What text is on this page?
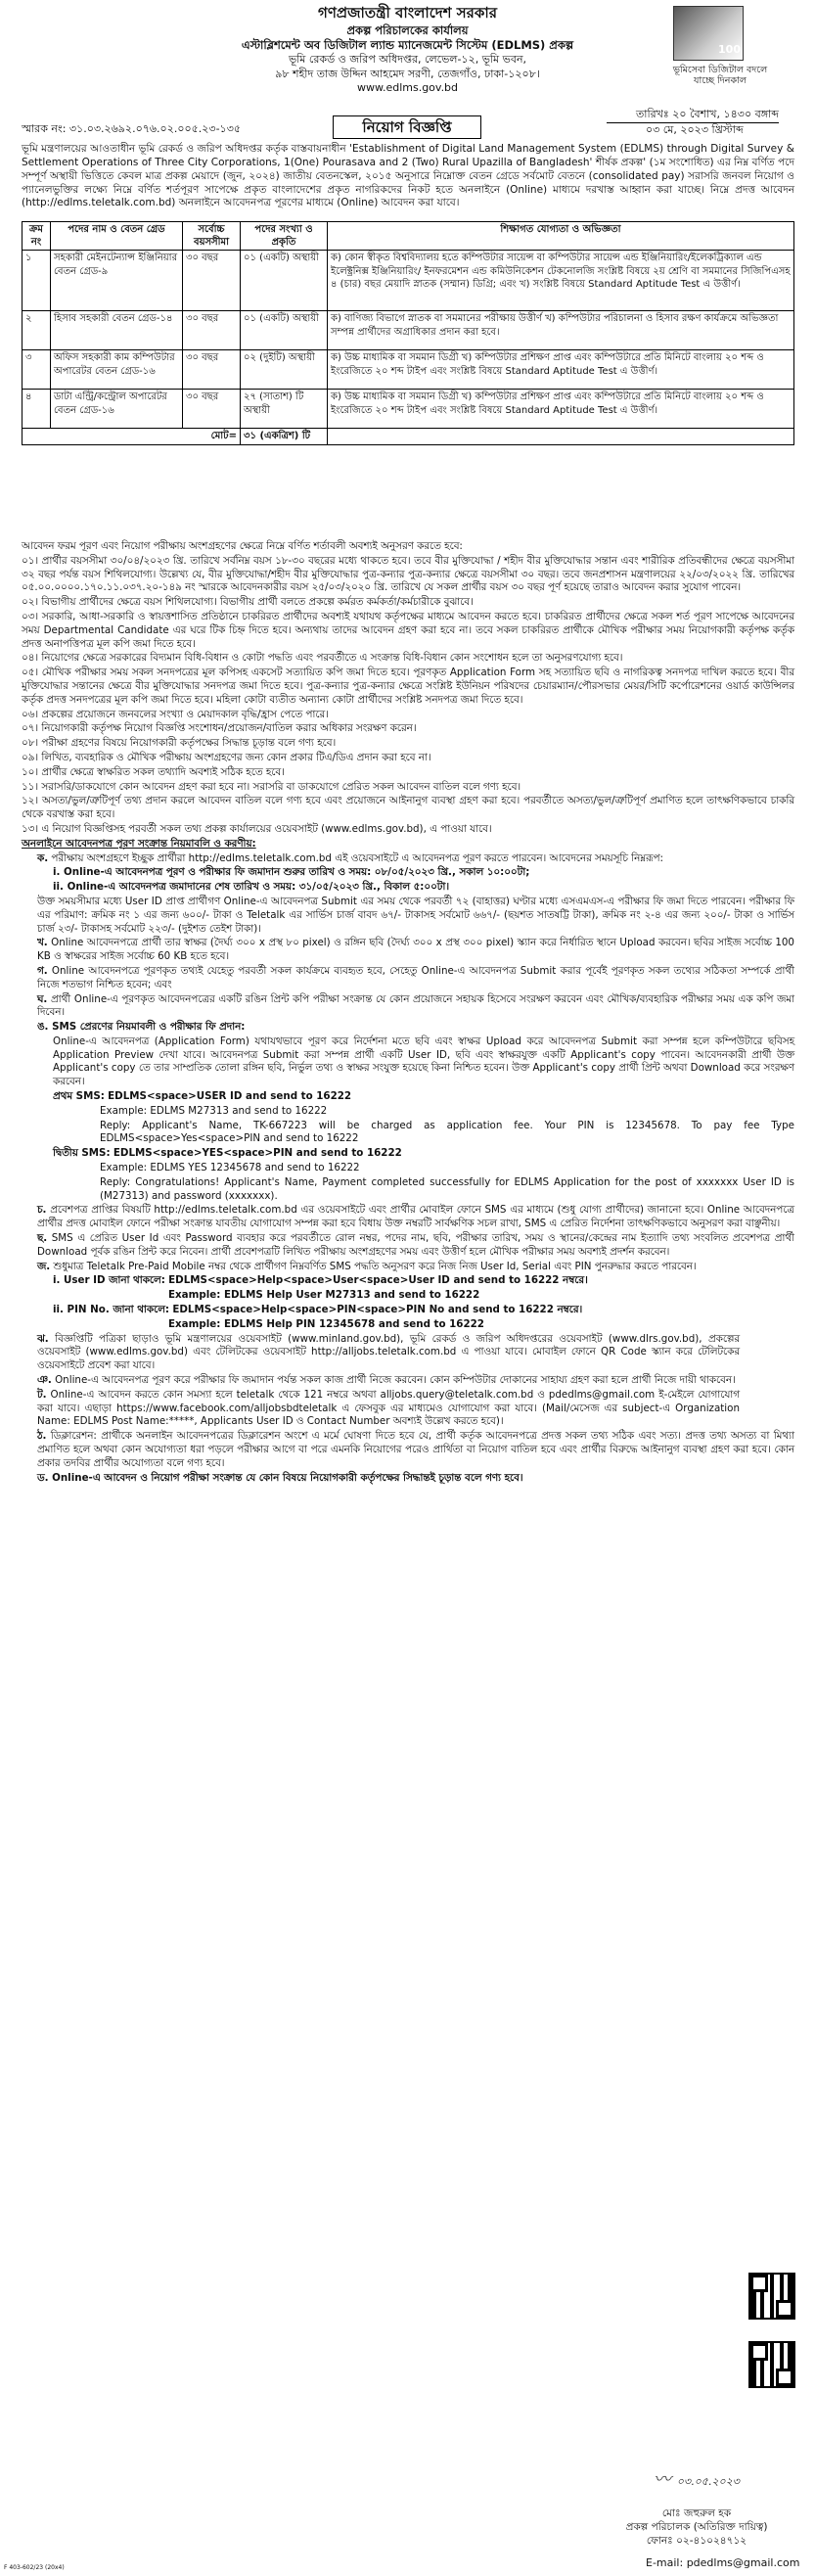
গণপ্রজাতন্ত্রী বাংলাদেশ সরকার
প্রকল্প পরিচালকের কার্যালয়
এস্টাব্লিশমেন্ট অব ডিজিটাল ল্যান্ড ম্যানেজমেন্ট সিস্টেম (EDLMS) প্রকল্প
ভূমি রেকর্ড ও জরিপ অধিদপ্তর, লেভেল-১২, ভূমি ভবন,
৯৮ শহীদ তাজ উদ্দিন আহমেদ সরণী, তেজগাঁও, ঢাকা-১২০৮।
www.edlms.gov.bd
100
ভূমিসেবা ডিজিটাল বদলে যাচ্ছে দিনকাল
স্মারক নং: ৩১.০৩.২৬৯২.০৭৬.০২.০০৫.২৩-১৩৫
তারিখঃ ২০ বৈশাখ, ১৪৩০ বঙ্গাব্দ
০৩ মে, ২০২৩ খ্রিস্টাব্দ
নিয়োগ বিজ্ঞপ্তি
ভূমি মন্ত্রণালয়ের আওতাধীন ভূমি রেকর্ড ও জরিপ অধিদপ্তর কর্তৃক বাস্তবায়নাধীন 'Establishment of Digital Land Management System (EDLMS) through Digital Survey & Settlement Operations of Three City Corporations, 1(One) Pourasava and 2 (Two) Rural Upazilla of Bangladesh' শীর্ষক প্রকল্প' (১ম সংশোধিত) এর নিম্ন বর্ণিত পদে সম্পূর্ণ অস্থায়ী ভিত্তিতে কেবল মাত্র প্রকল্প মেয়াদে (জুন, ২০২৪) জাতীয় বেতনস্কেল, ২০১৫ অনুসারে নিম্নোক্ত বেতন গ্রেডে সর্বমোট বেতনে (consolidated pay) সরাসরি জনবল নিয়োগ ও প্যানেলভুক্তির লক্ষ্যে নিম্নে বর্ণিত শর্তপূরণ সাপেক্ষে প্রকৃত বাংলাদেশের প্রকৃত নাগরিকদের নিকট হতে অনলাইনে (Online) মাধ্যমে দরখাস্ত আহ্বান করা যাচ্ছে। নিম্নে প্রদত্ত আবেদন (http://edlms.teletalk.com.bd) অনলাইনে আবেদনপত্র পূরণের মাধ্যমে (Online) আবেদন করা যাবে।
ক্রম নং	পদের নাম ও বেতন গ্রেড	সর্বোচ্চ বয়সসীমা	পদের সংখ্যা ও প্রকৃতি	শিক্ষাগত যোগ্যতা ও অভিজ্ঞতা
১	সহকারী মেইনটেন্যান্স ইঞ্জিনিয়ার বেতন গ্রেড-৯	৩০ বছর	০১ (একটি) অস্থায়ী	ক) কোন স্বীকৃত বিশ্ববিদ্যালয় হতে কম্পিউটার সায়েন্স বা কম্পিউটার সায়েন্স এন্ড ইঞ্জিনিয়ারিং/ইলেকট্রিক্যাল এন্ড ইলেক্ট্রনিক্স ইঞ্জিনিয়ারিং/ ইনফরমেশন এন্ড কমিউনিকেশন টেকনোলজি সংশ্লিষ্ট বিষয়ে ২য় শ্রেণি বা সমমানের সিজিপিএসহ ৪ (চার) বছর মেয়াদি স্নাতক (সম্মান) ডিগ্রি; এবং খ) সংশ্লিষ্ট বিষয়ে Standard Aptitude Test এ উত্তীর্ণ।
২	হিসাব সহকারী বেতন গ্রেড-১৪	৩০ বছর	০১ (একটি) অস্থায়ী	ক) বাণিজ্য বিভাগে স্নাতক বা সমমানের পরীক্ষায় উত্তীর্ণ খ) কম্পিউটার পরিচালনা ও হিসাব রক্ষণ কার্যক্রমে অভিজ্ঞতা সম্পন্ন প্রার্থীদের অগ্রাধিকার প্রদান করা হবে।
৩	অফিস সহকারী কাম কম্পিউটার অপারেটর বেতন গ্রেড-১৬	৩০ বছর	০২ (দুইটি) অস্থায়ী	ক) উচ্চ মাধ্যমিক বা সমমান ডিগ্রী খ) কম্পিউটার প্রশিক্ষণ প্রাপ্ত এবং কম্পিউটারে প্রতি মিনিটে বাংলায় ২০ শব্দ ও ইংরেজিতে ২০ শব্দ টাইপ এবং সংশ্লিষ্ট বিষয়ে Standard Aptitude Test এ উত্তীর্ণ।
৪	ডাটা এন্ট্রি/কন্ট্রোল অপারেটর বেতন গ্রেড-১৬	৩০ বছর	২৭ (সাতাশ) টি অস্থায়ী	ক) উচ্চ মাধ্যমিক বা সমমান ডিগ্রী খ) কম্পিউটার প্রশিক্ষণ প্রাপ্ত এবং কম্পিউটারে প্রতি মিনিটে বাংলায় ২০ শব্দ ও ইংরেজিতে ২০ শব্দ টাইপ এবং সংশ্লিষ্ট বিষয়ে Standard Aptitude Test এ উত্তীর্ণ।
মোট=			৩১ (একত্রিশ) টি	

আবেদন ফরম পূরণ এবং নিয়োগ পরীক্ষায় অংশগ্রহণের ক্ষেত্রে নিম্নে বর্ণিত শর্তাবলী অবশ্যই অনুসরণ করতে হবে:

০১। প্রার্থীর বয়সসীমা ৩০/০৪/২০২৩ খ্রি. তারিখে সর্বনিম্ন বয়স ১৮-৩০ বছরের মধ্যে থাকতে হবে। তবে বীর মুক্তিযোদ্ধা / শহীদ বীর মুক্তিযোদ্ধার সন্তান এবং শারীরিক প্রতিবন্ধীদের ক্ষেত্রে বয়সসীমা ৩২ বছর পর্যন্ত বয়স শিথিলযোগ্য। উল্লেখ্য যে, বীর মুক্তিযোদ্ধা/শহীদ বীর মুক্তিযোদ্ধার পুত্র-কন্যার পুত্র-কন্যার ক্ষেত্রে বয়সসীমা ৩০ বছর। তবে জনপ্রশাসন মন্ত্রণালয়ের ২২/০৩/২০২২ খ্রি. তারিখের ০৫.০০.০০০০.১৭০.১১.০৩৭.২০-১৪৯ নং স্মারকে আবেদনকারীর বয়স ২৫/০৩/২০২০ খ্রি. তারিখে যে সকল প্রার্থীর বয়স ৩০ বছর পূর্ণ হয়েছে তারাও আবেদন করার সুযোগ পাবেন।

০২। বিভাগীয় প্রার্থীদের ক্ষেত্রে বয়স শিথিলযোগ্য। বিভাগীয় প্রার্থী বলতে প্রকল্পে কর্মরত কর্মকর্তা/কর্মচারীকে বুঝাবে।

০৩। সরকারি, আধা-সরকারি ও স্বায়ত্তশাসিত প্রতিষ্ঠানে চাকরিরত প্রার্থীদের অবশ্যই যথাযথ কর্তৃপক্ষের মাধ্যমে আবেদন করতে হবে। চাকরিরত প্রার্থীদের ক্ষেত্রে সকল শর্ত পূরণ সাপেক্ষে আবেদনের সময় Departmental Candidate এর ঘরে টিক চিহ্ন দিতে হবে। অন্যথায় তাদের আবেদন গ্রহণ করা হবে না। তবে সকল চাকরিরত প্রার্থীকে মৌখিক পরীক্ষার সময় নিয়োগকারী কর্তৃপক্ষ কর্তৃক প্রদত্ত অনাপত্তিপত্র মূল কপি জমা দিতে হবে।

০৪। নিয়োগের ক্ষেত্রে সরকারের বিদ্যমান বিধি-বিধান ও কোটা পদ্ধতি এবং পরবর্তীতে এ সংক্রান্ত বিধি-বিধান কোন সংশোধন হলে তা অনুসরণযোগ্য হবে।

০৫। মৌখিক পরীক্ষার সময় সকল সনদপত্রের মূল কপিসহ একসেট সত্যায়িত কপি জমা দিতে হবে। পূরণকৃত Application Form সহ সত্যায়িত ছবি ও নাগরিকত্ব সনদপত্র দাখিল করতে হবে। বীর মুক্তিযোদ্ধার সন্তানের ক্ষেত্রে বীর মুক্তিযোদ্ধার সনদপত্র জমা দিতে হবে। পুত্র-কন্যার পুত্র-কন্যার ক্ষেত্রে সংশ্লিষ্ট ইউনিয়ন পরিষদের চেয়ারম্যান/পৌরসভার মেয়র/সিটি কর্পোরেশনের ওয়ার্ড কাউন্সিলর কর্তৃক প্রদত্ত সনদপত্রের মূল কপি জমা দিতে হবে। মহিলা কোটা ব্যতীত অন্যান্য কোটা প্রার্থীদের সংশ্লিষ্ট সনদপত্র জমা দিতে হবে।

০৬। প্রকল্পের প্রয়োজনে জনবলের সংখ্যা ও মেয়াদকাল বৃদ্ধি/হ্রাস পেতে পারে।

০৭। নিয়োগকারী কর্তৃপক্ষ নিয়োগ বিজ্ঞপ্তি সংশোধন/প্রয়োজন/বাতিল করার অধিকার সংরক্ষণ করেন।

০৮। পরীক্ষা গ্রহণের বিষয়ে নিয়োগকারী কর্তৃপক্ষের সিদ্ধান্ত চূড়ান্ত বলে গণ্য হবে।

০৯। লিখিত, ব্যবহারিক ও মৌখিক পরীক্ষায় অংশগ্রহণের জন্য কোন প্রকার টিএ/ডিএ প্রদান করা হবে না।

১০। প্রার্থীর ক্ষেত্রে স্বাক্ষরিত সকল তথ্যাদি অবশ্যই সঠিক হতে হবে।

১১। সরাসরি/ডাকযোগে কোন আবেদন গ্রহণ করা হবে না। সরাসরি বা ডাকযোগে প্রেরিত সকল আবেদন বাতিল বলে গণ্য হবে।

১২। অসত্য/ভুল/ত্রুটিপূর্ণ তথ্য প্রদান করলে আবেদন বাতিল বলে গণ্য হবে এবং প্রয়োজনে আইনানুগ ব্যবস্থা গ্রহণ করা হবে। পরবর্তীতে অসত্য/ভুল/ত্রুটিপূর্ণ প্রমাণিত হলে তাৎক্ষণিকভাবে চাকরি থেকে বরখাস্ত করা হবে।

১৩। এ নিয়োগ বিজ্ঞপ্তিসহ পরবর্তী সকল তথ্য প্রকল্প কার্যালয়ের ওয়েবসাইট (www.edlms.gov.bd), এ পাওয়া যাবে।

অনলাইনে আবেদনপত্র পূরণ সংক্রান্ত নিয়মাবলি ও করণীয়:

ক. পরীক্ষায় অংশগ্রহণে ইচ্ছুক প্রার্থীরা http://edlms.teletalk.com.bd এই ওয়েবসাইটে এ আবেদনপত্র পূরণ করতে পারবেন। আবেদনের সময়সূচি নিম্নরূপ:

i. Online-এ আবেদনপত্র পূরণ ও পরীক্ষার ফি জমাদান শুরুর তারিখ ও সময়: ০৮/০৫/২০২৩ খ্রি., সকাল ১০:০০টা;

ii. Online-এ আবেদনপত্র জমাদানের শেষ তারিখ ও সময়: ৩১/০৫/২০২৩ খ্রি., বিকাল ৫:০০টা।

উক্ত সময়সীমার মধ্যে User ID প্রাপ্ত প্রার্থীগণ Online-এ আবেদনপত্র Submit এর সময় থেকে পরবর্তী ৭২ (বাহাত্তর) ঘণ্টার মধ্যে এসএমএস-এ পরীক্ষার ফি জমা দিতে পারবেন। পরীক্ষার ফি এর পরিমাণ: ক্রমিক নং ১ এর জন্য ৬০০/- টাকা ও Teletalk এর সার্ভিস চার্জ বাবদ ৬৭/- টাকাসহ সর্বমোট ৬৬৭/- (ছয়শত সাতষট্টি টাকা), ক্রমিক নং ২-৪ এর জন্য ২০০/- টাকা ও সার্ভিস চার্জ ২৩/- টাকাসহ সর্বমোট ২২৩/- (দুইশত তেইশ টাকা)।

খ. Online আবেদনপত্রে প্রার্থী তার স্বাক্ষর (দৈর্ঘ্য ৩০০ x প্রস্থ ৮০ pixel) ও রঙ্গিন ছবি (দৈর্ঘ্য ৩০০ x প্রস্থ ৩০০ pixel) স্ক্যান করে নির্ধারিত স্থানে Upload করবেন। ছবির সাইজ সর্বোচ্চ 100 KB ও স্বাক্ষরের সাইজ সর্বোচ্চ 60 KB হতে হবে।

গ. Online আবেদনপত্রে পূরণকৃত তথ্যই যেহেতু পরবর্তী সকল কার্যক্রমে ব্যবহৃত হবে, সেহেতু Online-এ আবেদনপত্র Submit করার পূর্বেই পূরণকৃত সকল তথ্যের সঠিকতা সম্পর্কে প্রার্থী নিজে শতভাগ নিশ্চিত হবেন; এবং

ঘ. প্রার্থী Online-এ পূরণকৃত আবেদনপত্রের একটি রঙিন প্রিন্ট কপি পরীক্ষা সংক্রান্ত যে কোন প্রয়োজনে সহায়ক হিসেবে সংরক্ষণ করবেন এবং মৌখিক/ব্যবহারিক পরীক্ষার সময় এক কপি জমা দিবেন।

ঙ. SMS প্রেরণের নিয়মাবলী ও পরীক্ষার ফি প্রদান:

Online-এ আবেদনপত্র (Application Form) যথাযথভাবে পূরণ করে নির্দেশনা মতে ছবি এবং স্বাক্ষর Upload করে আবেদনপত্র Submit করা সম্পন্ন হলে কম্পিউটারে ছবিসহ Application Preview দেখা যাবে। আবেদনপত্র Submit করা সম্পন্ন প্রার্থী একটি User ID, ছবি এবং স্বাক্ষরযুক্ত একটি Applicant's copy পাবেন। আবেদনকারী প্রার্থী উক্ত Applicant's copy তে তার সাম্প্রতিক তোলা রঙ্গিন ছবি, নির্ভুল তথ্য ও স্বাক্ষর সংযুক্ত হয়েছে কিনা নিশ্চিত হবেন। উক্ত Applicant's copy প্রার্থী প্রিন্ট অথবা Download করে সংরক্ষণ করবেন।

প্রথম SMS: EDLMS<space>USER ID and send to 16222

Example: EDLMS M27313 and send to 16222

Reply: Applicant's Name, TK-667223 will be charged as application fee. Your PIN is 12345678. To pay fee Type EDLMS<space>Yes<space>PIN and send to 16222

দ্বিতীয় SMS: EDLMS<space>YES<space>PIN and send to 16222

Example: EDLMS YES 12345678 and send to 16222

Reply: Congratulations! Applicant's Name, Payment completed successfully for EDLMS Application for the post of xxxxxxx User ID is (M27313) and password (xxxxxxx).

চ. প্রবেশপত্র প্রাপ্তির বিষয়টি http://edlms.teletalk.com.bd এর ওয়েবসাইটে এবং প্রার্থীর মোবাইল ফোনে SMS এর মাধ্যমে (শুধু যোগ্য প্রার্থীদের) জানানো হবে। Online আবেদনপত্রে প্রার্থীর প্রদত্ত মোবাইল ফোনে পরীক্ষা সংক্রান্ত যাবতীয় যোগাযোগ সম্পন্ন করা হবে বিধায় উক্ত নম্বরটি সার্বক্ষণিক সচল রাখা, SMS এ প্রেরিত নির্দেশনা তাৎক্ষণিকভাবে অনুসরণ করা বাঞ্ছনীয়।

ছ. SMS এ প্রেরিত User Id এবং Password ব্যবহার করে পরবর্তীতে রোল নম্বর, পদের নাম, ছবি, পরীক্ষার তারিখ, সময় ও স্থানের/কেন্দ্রের নাম ইত্যাদি তথ্য সংবলিত প্রবেশপত্র প্রার্থী Download পূর্বক রঙিন প্রিন্ট করে নিবেন। প্রার্থী প্রবেশপত্রটি লিখিত পরীক্ষায় অংশগ্রহণের সময় এবং উত্তীর্ণ হলে মৌখিক পরীক্ষার সময় অবশ্যই প্রদর্শন করবেন।

জ. শুধুমাত্র Teletalk Pre-Paid Mobile নম্বর থেকে প্রার্থীগণ নিম্নবর্ণিত SMS পদ্ধতি অনুসরণ করে নিজ নিজ User Id, Serial এবং PIN পুনরুদ্ধার করতে পারবেন।

i. User ID জানা থাকলে: EDLMS<space>Help<space>User<space>User ID and send to 16222 নম্বরে।

Example: EDLMS Help User M27313 and send to 16222

ii. PIN No. জানা থাকলে: EDLMS<space>Help<space>PIN<space>PIN No and send to 16222 নম্বরে।

Example: EDLMS Help PIN 12345678 and send to 16222

ঝ. বিজ্ঞপ্তিটি পত্রিকা ছাড়াও ভূমি মন্ত্রণালয়ের ওয়েবসাইট (www.minland.gov.bd), ভূমি রেকর্ড ও জরিপ অধিদপ্তরের ওয়েবসাইট (www.dlrs.gov.bd), প্রকল্পের ওয়েবসাইট (www.edlms.gov.bd) এবং টেলিটকের ওয়েবসাইট http://alljobs.teletalk.com.bd এ পাওয়া যাবে। মোবাইল ফোনে QR Code স্ক্যান করে টেলিটকের ওয়েবসাইটে প্রবেশ করা যাবে।

ঞ. Online-এ আবেদনপত্র পূরণ করে পরীক্ষার ফি জমাদান পর্যন্ত সকল কাজ প্রার্থী নিজে করবেন। কোন কম্পিউটার দোকানের সাহায্য গ্রহণ করা হলে প্রার্থী নিজে দায়ী থাকবেন।

ট. Online-এ আবেদন করতে কোন সমস্যা হলে teletalk থেকে 121 নম্বরে অথবা alljobs.query@teletalk.com.bd ও pdedlms@gmail.com ই-মেইলে যোগাযোগ করা যাবে। এছাড়া https://www.facebook.com/alljobsbdteletalk এ ফেসবুক এর মাধ্যমেও যোগাযোগ করা যাবে। (Mail/মেসেজ এর subject-এ Organization Name: EDLMS Post Name:*****, Applicants User ID ও Contact Number অবশ্যই উল্লেখ করতে হবে)।

ঠ. ডিক্লারেশন: প্রার্থীকে অনলাইন আবেদনপত্রের ডিক্লারেশন অংশে এ মর্মে ঘোষণা দিতে হবে যে, প্রার্থী কর্তৃক আবেদনপত্রে প্রদত্ত সকল তথ্য সঠিক এবং সত্য। প্রদত্ত তথ্য অসত্য বা মিথ্যা প্রমাণিত হলে অথবা কোন অযোগ্যতা ধরা পড়লে পরীক্ষার আগে বা পরে এমনকি নিয়োগের পরেও প্রার্থিতা বা নিয়োগ বাতিল হবে এবং প্রার্থীর বিরুদ্ধে আইনানুগ ব্যবস্থা গ্রহণ করা হবে। কোন প্রকার তদবির প্রার্থীর অযোগ্যতা বলে গণ্য হবে।

ড. Online-এ আবেদন ও নিয়োগ পরীক্ষা সংক্রান্ত যে কোন বিষয়ে নিয়োগকারী কর্তৃপক্ষের সিদ্ধান্তই চূড়ান্ত বলে গণ্য হবে।

〰 ০৩.০৫.২০২৩
মোঃ জহুরুল হক
প্রকল্প পরিচালক (অতিরিক্ত দায়িত্ব)
ফোনঃ ০২-৪১০২৪৭১২
E-mail: pdedlms@gmail.com
F 403-602/23 (20x4)
